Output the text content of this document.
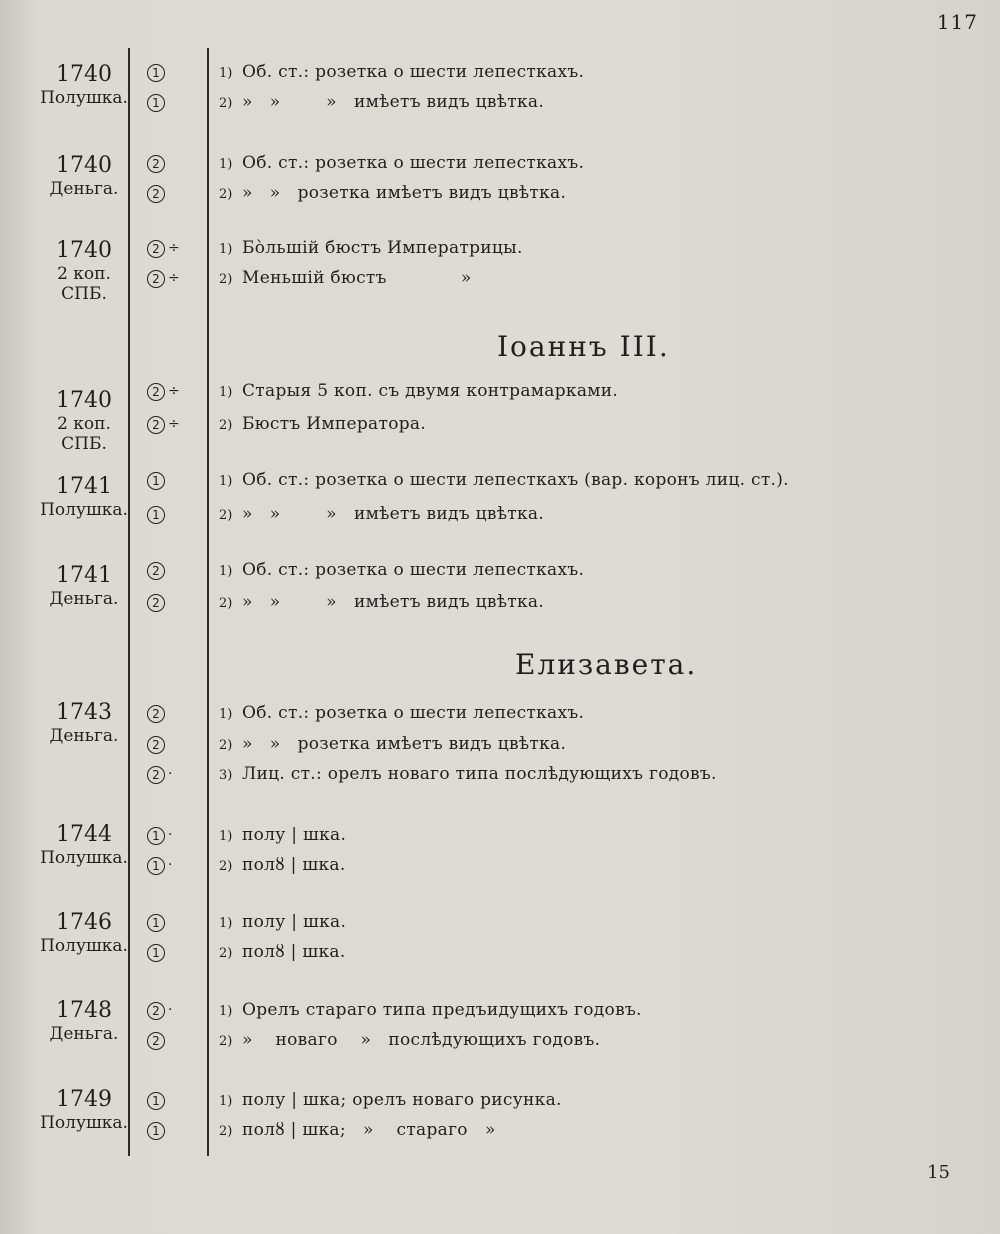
117
15
Іоаннъ III.
Елизавета.
1740
Полушка.
1	1) Об. ст.: розетка о шести лепесткахъ.
1	2) »   »        »   имѣетъ видъ цвѣтка.
1740
Деньга.
2	1) Об. ст.: розетка о шести лепесткахъ.
2	2) »   »   розетка имѣетъ видъ цвѣтка.
1740
2 коп.
СПБ.
2 ÷	1) Бо̀льшій бюстъ Императрицы.
2 ÷	2) Меньшій бюстъ             »
1740
2 коп.
СПБ.
2 ÷	1) Старыя 5 коп. съ двумя контрамарками.
2 ÷	2) Бюстъ Императора.
1741
Полушка.
1	1) Об. ст.: розетка о шести лепесткахъ (вар. коронъ лиц. ст.).
1	2) »   »        »   имѣетъ видъ цвѣтка.
1741
Деньга.
2	1) Об. ст.: розетка о шести лепесткахъ.
2	2) »   »        »   имѣетъ видъ цвѣтка.
1743
Деньга.
2	1) Об. ст.: розетка о шести лепесткахъ.
2	2) »   »   розетка имѣетъ видъ цвѣтка.
2 ·	3) Лиц. ст.: орелъ новаго типа послѣдующихъ годовъ.
1744
Полушка.
1 ·	1) полу | шка.
1 ·	2) полȣ | шка.
1746
Полушка.
1	1) полу | шка.
1	2) полȣ | шка.
1748
Деньга.
2 ·	1) Орелъ стараго типа предъидущихъ годовъ.
2	2) »    новаго    »   послѣдующихъ годовъ.
1749
Полушка.
1	1) полу | шка; орелъ новаго рисунка.
1	2) полȣ | шка;   »    стараго   »
